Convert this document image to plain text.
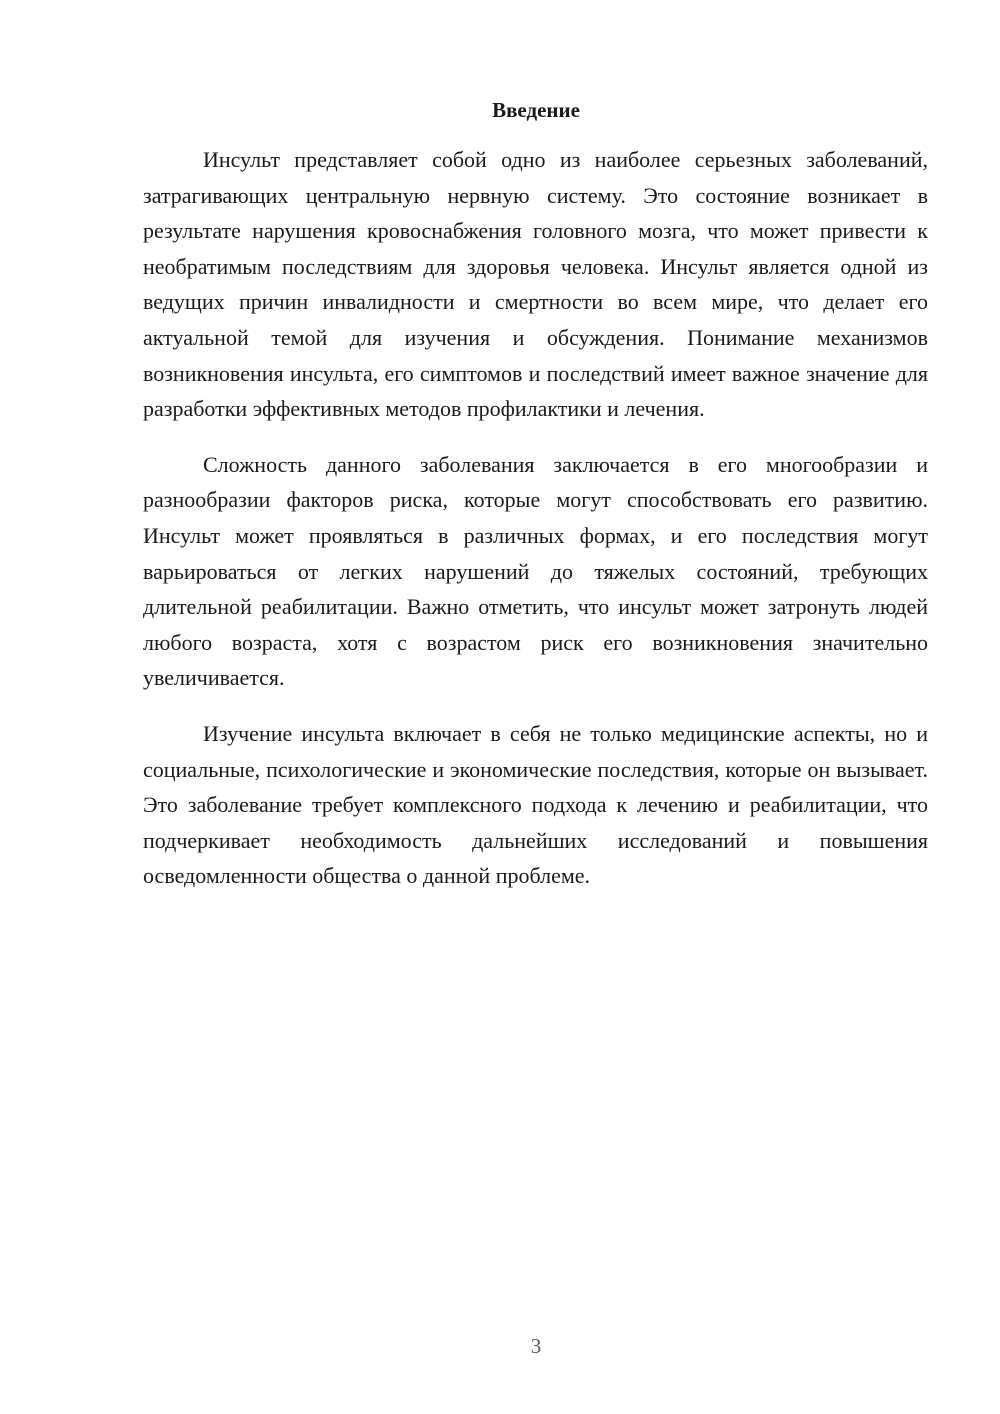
Введение

Инсульт представляет собой одно из наиболее серьезных заболеваний, затрагивающих центральную нервную систему. Это состояние возникает в результате нарушения кровоснабжения головного мозга, что может привести к необратимым последствиям для здоровья человека. Инсульт является одной из ведущих причин инвалидности и смертности во всем мире, что делает его актуальной темой для изучения и обсуждения. Понимание механизмов возникновения инсульта, его симптомов и последствий имеет важное значение для разработки эффективных методов профилактики и лечения.

Сложность данного заболевания заключается в его многообразии и разнообразии факторов риска, которые могут способствовать его развитию. Инсульт может проявляться в различных формах, и его последствия могут варьироваться от легких нарушений до тяжелых состояний, требующих длительной реабилитации. Важно отметить, что инсульт может затронуть людей любого возраста, хотя с возрастом риск его возникновения значительно увеличивается.

Изучение инсульта включает в себя не только медицинские аспекты, но и социальные, психологические и экономические последствия, которые он вызывает. Это заболевание требует комплексного подхода к лечению и реабилитации, что подчеркивает необходимость дальнейших исследований и повышения осведомленности общества о данной проблеме.

3
